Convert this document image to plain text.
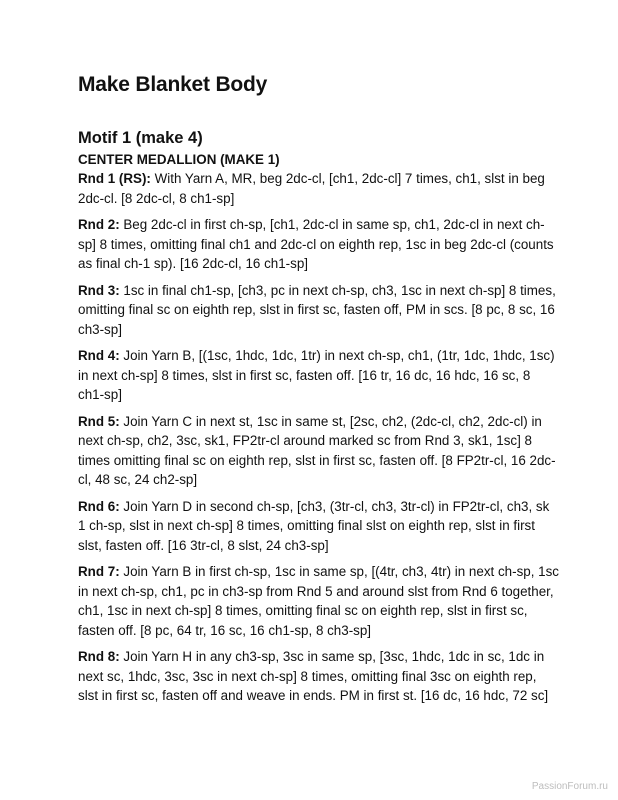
Make Blanket Body
Motif 1 (make 4)
CENTER MEDALLION (MAKE 1)

Rnd 1 (RS): With Yarn A, MR, beg 2dc-cl, [ch1, 2dc-cl] 7 times, ch1, slst in beg 2dc-cl. [8 2dc-cl, 8 ch1-sp]

Rnd 2: Beg 2dc-cl in first ch-sp, [ch1, 2dc-cl in same sp, ch1, 2dc-cl in next ch-sp] 8 times, omitting final ch1 and 2dc-cl on eighth rep, 1sc in beg 2dc-cl (counts as final ch-1 sp). [16 2dc-cl, 16 ch1-sp]

Rnd 3: 1sc in final ch1-sp, [ch3, pc in next ch-sp, ch3, 1sc in next ch-sp] 8 times, omitting final sc on eighth rep, slst in first sc, fasten off, PM in scs. [8 pc, 8 sc, 16 ch3-sp]

Rnd 4: Join Yarn B, [(1sc, 1hdc, 1dc, 1tr) in next ch-sp, ch1, (1tr, 1dc, 1hdc, 1sc) in next ch-sp] 8 times, slst in first sc, fasten off. [16 tr, 16 dc, 16 hdc, 16 sc, 8 ch1-sp]

Rnd 5: Join Yarn C in next st, 1sc in same st, [2sc, ch2, (2dc-cl, ch2, 2dc-cl) in next ch-sp, ch2, 3sc, sk1, FP2tr-cl around marked sc from Rnd 3, sk1, 1sc] 8 times omitting final sc on eighth rep, slst in first sc, fasten off. [8 FP2tr-cl, 16 2dc-cl, 48 sc, 24 ch2-sp]

Rnd 6: Join Yarn D in second ch-sp, [ch3, (3tr-cl, ch3, 3tr-cl) in FP2tr-cl, ch3, sk 1 ch-sp, slst in next ch-sp] 8 times, omitting final slst on eighth rep, slst in first slst, fasten off. [16 3tr-cl, 8 slst, 24 ch3-sp]

Rnd 7: Join Yarn B in first ch-sp, 1sc in same sp, [(4tr, ch3, 4tr) in next ch-sp, 1sc in next ch-sp, ch1, pc in ch3-sp from Rnd 5 and around slst from Rnd 6 together, ch1, 1sc in next ch-sp] 8 times, omitting final sc on eighth rep, slst in first sc, fasten off. [8 pc, 64 tr, 16 sc, 16 ch1-sp, 8 ch3-sp]

Rnd 8: Join Yarn H in any ch3-sp, 3sc in same sp, [3sc, 1hdc, 1dc in sc, 1dc in next sc, 1hdc, 3sc, 3sc in next ch-sp] 8 times, omitting final 3sc on eighth rep, slst in first sc, fasten off and weave in ends. PM in first st. [16 dc, 16 hdc, 72 sc]

PassionForum.ru
